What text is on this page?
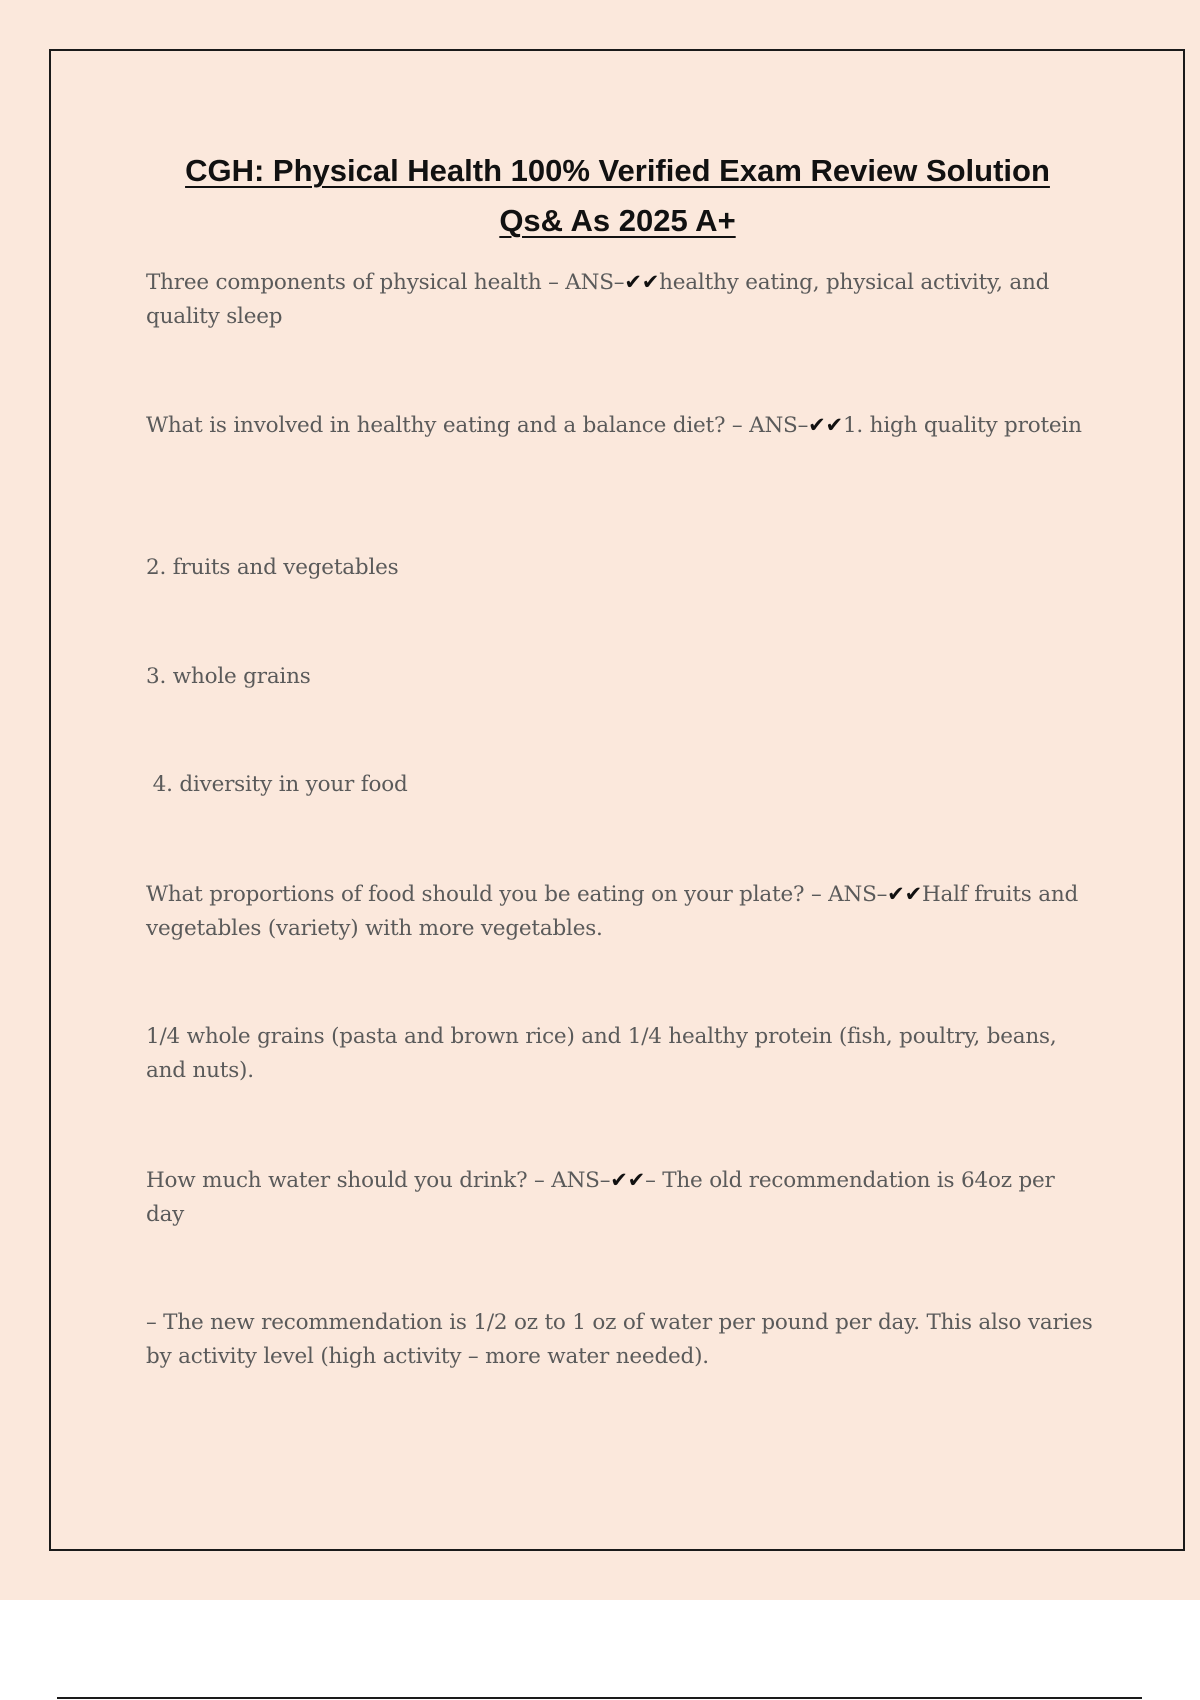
CGH: Physical Health 100% Verified Exam Review Solution
Qs& As 2025 A+

Three components of physical health – ANS–✔✔healthy eating, physical activity, and quality sleep

What is involved in healthy eating and a balance diet? – ANS–✔✔1. high quality protein

2. fruits and vegetables

3. whole grains

4. diversity in your food

What proportions of food should you be eating on your plate? – ANS–✔✔Half fruits and vegetables (variety) with more vegetables.

1/4 whole grains (pasta and brown rice) and 1/4 healthy protein (fish, poultry, beans, and nuts).

How much water should you drink? – ANS–✔✔– The old recommendation is 64oz per day

– The new recommendation is 1/2 oz to 1 oz of water per pound per day. This also varies by activity level (high activity – more water needed).
